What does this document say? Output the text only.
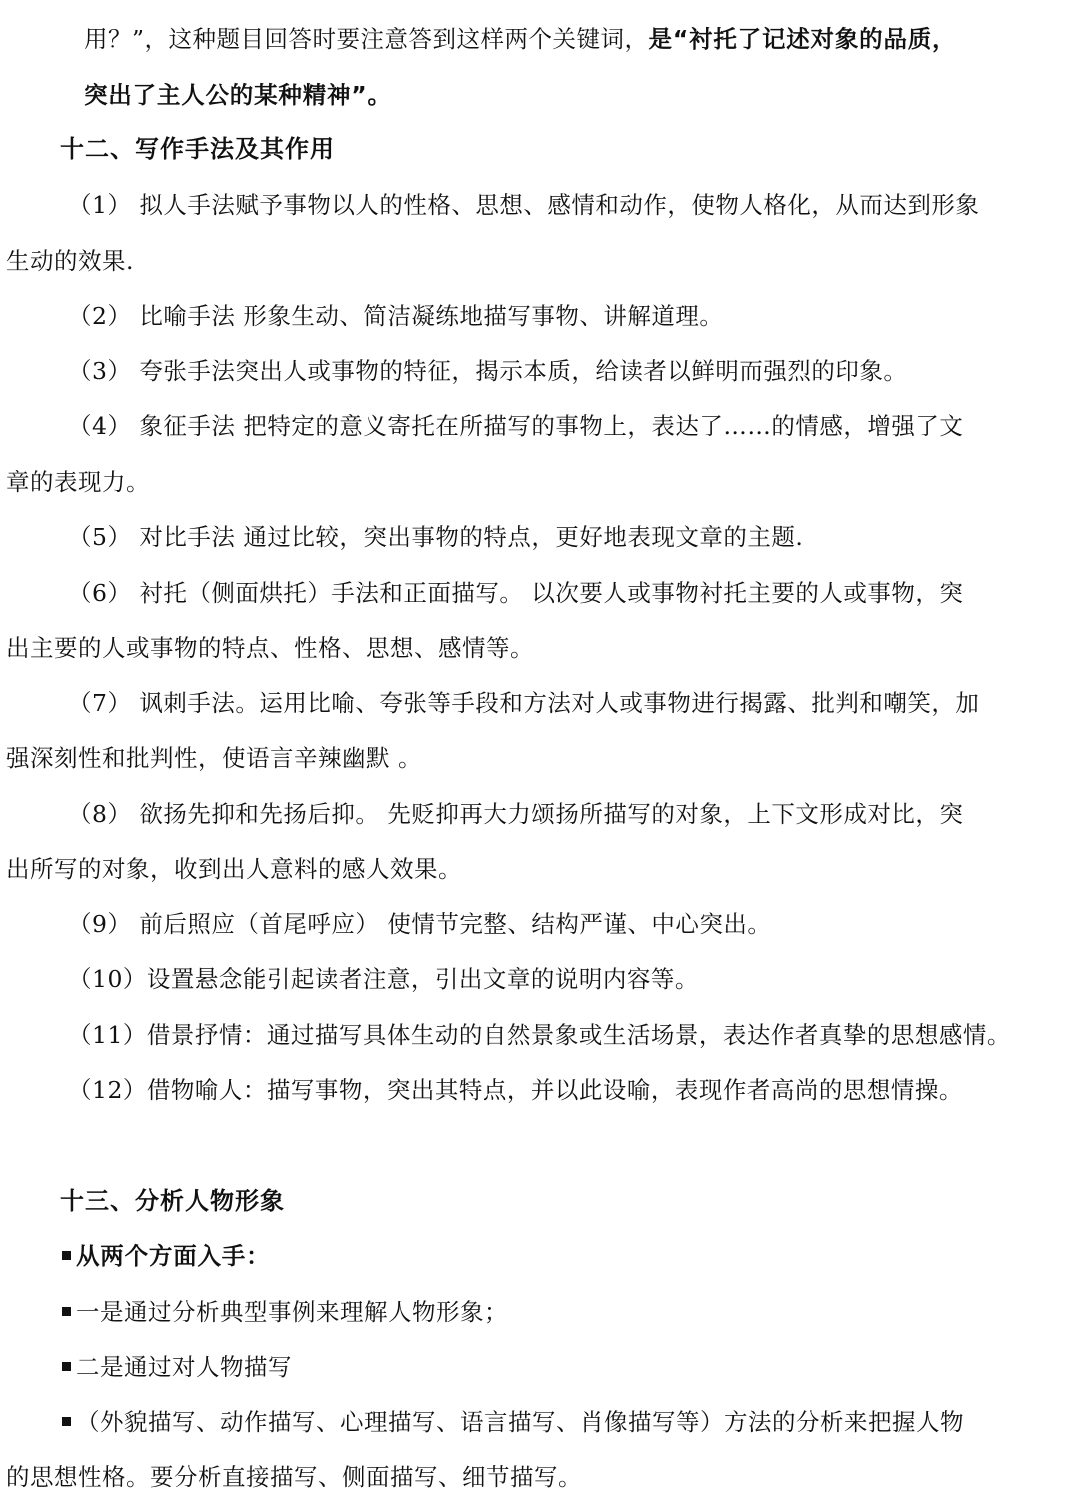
用？”，这种题目回答时要注意答到这样两个关键词，是“衬托了记述对象的品质，
突出了主人公的某种精神”。
十二、写作手法及其作用
（1） 拟人手法赋予事物以人的性格、思想、感情和动作，使物人格化，从而达到形象
生动的效果.
（2） 比喻手法 形象生动、简洁凝练地描写事物、讲解道理。
（3） 夸张手法突出人或事物的特征，揭示本质，给读者以鲜明而强烈的印象。
（4） 象征手法 把特定的意义寄托在所描写的事物上，表达了……的情感，增强了文
章的表现力。
（5） 对比手法 通过比较，突出事物的特点，更好地表现文章的主题.
（6） 衬托（侧面烘托）手法和正面描写。 以次要人或事物衬托主要的人或事物，突
出主要的人或事物的特点、性格、思想、感情等。
（7） 讽刺手法。运用比喻、夸张等手段和方法对人或事物进行揭露、批判和嘲笑，加
强深刻性和批判性，使语言辛辣幽默 。
（8） 欲扬先抑和先扬后抑。 先贬抑再大力颂扬所描写的对象，上下文形成对比，突
出所写的对象，收到出人意料的感人效果。
（9） 前后照应（首尾呼应） 使情节完整、结构严谨、中心突出。
（10）设置悬念能引起读者注意，引出文章的说明内容等。
（11）借景抒情：通过描写具体生动的自然景象或生活场景，表达作者真挚的思想感情。
（12）借物喻人：描写事物，突出其特点，并以此设喻，表现作者高尚的思想情操。
十三、分析人物形象
从两个方面入手：
一是通过分析典型事例来理解人物形象；
二是通过对人物描写
（外貌描写、动作描写、心理描写、语言描写、肖像描写等）方法的分析来把握人物
的思想性格。要分析直接描写、侧面描写、细节描写。
